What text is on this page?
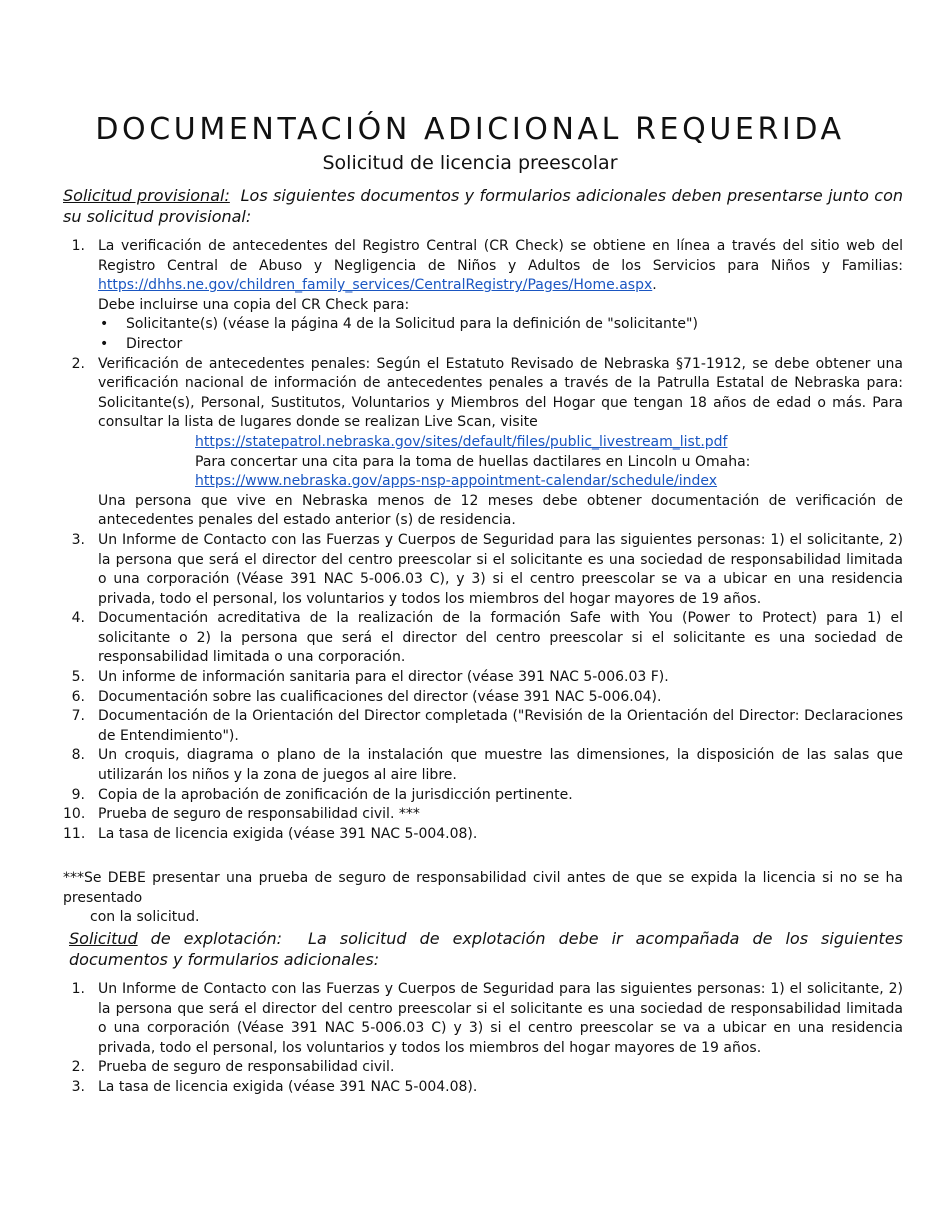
DOCUMENTACIÓN ADICIONAL REQUERIDA
Solicitud de licencia preescolar
Solicitud provisional: Los siguientes documentos y formularios adicionales deben presentarse junto con su solicitud provisional:
1. La verificación de antecedentes del Registro Central (CR Check) se obtiene en línea a través del sitio web del Registro Central de Abuso y Negligencia de Niños y Adultos de los Servicios para Niños y Familias: https://dhhs.ne.gov/children_family_services/CentralRegistry/Pages/Home.aspx.
Debe incluirse una copia del CR Check para:
• Solicitante(s) (véase la página 4 de la Solicitud para la definición de "solicitante")
• Director
2. Verificación de antecedentes penales: Según el Estatuto Revisado de Nebraska §71-1912, se debe obtener una verificación nacional de información de antecedentes penales a través de la Patrulla Estatal de Nebraska para: Solicitante(s), Personal, Sustitutos, Voluntarios y Miembros del Hogar que tengan 18 años de edad o más. Para consultar la lista de lugares donde se realizan Live Scan, visite
https://statepatrol.nebraska.gov/sites/default/files/public_livestream_list.pdf
Para concertar una cita para la toma de huellas dactilares en Lincoln u Omaha:
https://www.nebraska.gov/apps-nsp-appointment-calendar/schedule/index
Una persona que vive en Nebraska menos de 12 meses debe obtener documentación de verificación de antecedentes penales del estado anterior (s) de residencia.
3. Un Informe de Contacto con las Fuerzas y Cuerpos de Seguridad para las siguientes personas: 1) el solicitante, 2) la persona que será el director del centro preescolar si el solicitante es una sociedad de responsabilidad limitada o una corporación (Véase 391 NAC 5-006.03 C), y 3) si el centro preescolar se va a ubicar en una residencia privada, todo el personal, los voluntarios y todos los miembros del hogar mayores de 19 años.
4. Documentación acreditativa de la realización de la formación Safe with You (Power to Protect) para 1) el solicitante o 2) la persona que será el director del centro preescolar si el solicitante es una sociedad de responsabilidad limitada o una corporación.
5. Un informe de información sanitaria para el director (véase 391 NAC 5-006.03 F).
6. Documentación sobre las cualificaciones del director (véase 391 NAC 5-006.04).
7. Documentación de la Orientación del Director completada ("Revisión de la Orientación del Director: Declaraciones de Entendimiento").
8. Un croquis, diagrama o plano de la instalación que muestre las dimensiones, la disposición de las salas que utilizarán los niños y la zona de juegos al aire libre.
9. Copia de la aprobación de zonificación de la jurisdicción pertinente.
10. Prueba de seguro de responsabilidad civil. ***
11. La tasa de licencia exigida (véase 391 NAC 5-004.08).
***Se DEBE presentar una prueba de seguro de responsabilidad civil antes de que se expida la licencia si no se ha presentado
con la solicitud.
Solicitud de explotación: La solicitud de explotación debe ir acompañada de los siguientes documentos y formularios adicionales:
1. Un Informe de Contacto con las Fuerzas y Cuerpos de Seguridad para las siguientes personas: 1) el solicitante, 2) la persona que será el director del centro preescolar si el solicitante es una sociedad de responsabilidad limitada o una corporación (Véase 391 NAC 5-006.03 C) y 3) si el centro preescolar se va a ubicar en una residencia privada, todo el personal, los voluntarios y todos los miembros del hogar mayores de 19 años.
2. Prueba de seguro de responsabilidad civil.
3. La tasa de licencia exigida (véase 391 NAC 5-004.08).
